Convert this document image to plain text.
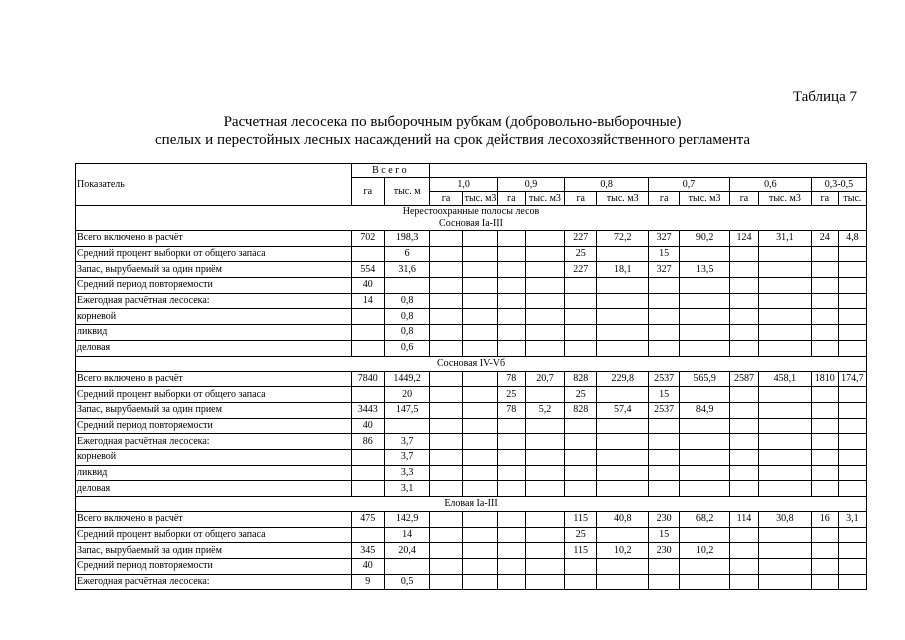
Таблица 7
Расчетная лесосека по выборочным рубкам (добровольно-выборочные)
спелых и перестойных лесных насаждений на срок действия лесохозяйственного регламента
Показатель	Всего													
	га	тыс. м	1,0		0,9		0,8		0,7		0,6		0,3-0,5	
			га	тыс. м3	га	тыс. м3	га	тыс. м3	га	тыс. м3	га	тыс. м3	га	тыс.

Нерестоохранные полосы лесов
Сосновая Ia-III														

Всего включено в расчёт	702	198,3					227	72,2	327	90,2	124	31,1	24	4,8
Средний процент выборки от общего запаса		6					25		15					
Запас, вырубаемый за один приём	554	31,6					227	18,1	327	13,5				
Средний период повторяемости	40													
Ежегодная расчётная лесосека:	14	0,8												
корневой		0,8												
ликвид		0,8												
деловая		0,6												

Сосновая IV-Vб														

Всего включено в расчёт	7840	1449,2			78	20,7	828	229,8	2537	565,9	2587	458,1	1810	174,7
Средний процент выборки от общего запаса		20			25		25		15					
Запас, вырубаемый за один прием	3443	147,5			78	5,2	828	57,4	2537	84,9				
Средний период повторяемости	40													
Ежегодная расчётная лесосека:	86	3,7												
корневой		3,7												
ликвид		3,3												
деловая		3,1												

Еловая Ia-III														

Всего включено в расчёт	475	142,9					115	40,8	230	68,2	114	30,8	16	3,1
Средний процент выборки от общего запаса		14					25		15					
Запас, вырубаемый за один приём	345	20,4					115	10,2	230	10,2				
Средний период повторяемости	40													
Ежегодная расчётная лесосека:	9	0,5												
